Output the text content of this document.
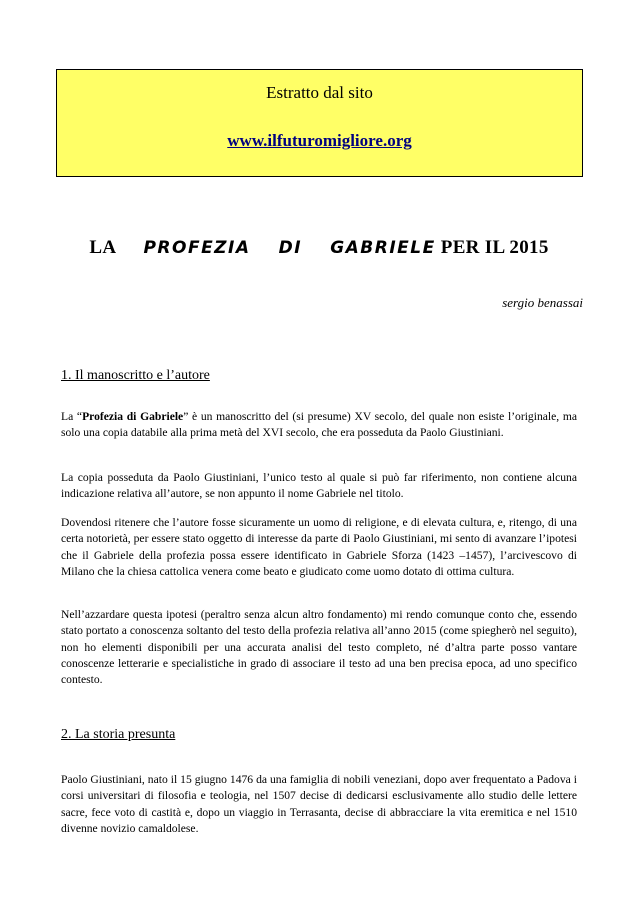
Estratto dal sito
www.ilfuturomigliore.org
LA PROFEZIA DI GABRIELE PER IL 2015
sergio benassai
1. Il manoscritto e l’autore
La “Profezia di Gabriele” è un manoscritto del (si presume) XV secolo, del quale non esiste l’originale, ma solo una copia databile alla prima metà del XVI secolo, che era posseduta da Paolo Giustiniani.
La copia posseduta da Paolo Giustiniani, l’unico testo al quale si può far riferimento, non contiene alcuna indicazione relativa all’autore, se non appunto il nome Gabriele nel titolo.
Dovendosi ritenere che l’autore fosse sicuramente un uomo di religione, e di elevata cultura, e, ritengo, di una certa notorietà, per essere stato oggetto di interesse da parte di Paolo Giustiniani, mi sento di avanzare l’ipotesi che il Gabriele della profezia possa essere identificato in Gabriele Sforza (1423 –1457), l’arcivescovo di Milano che la chiesa cattolica venera come beato e giudicato come uomo dotato di ottima cultura.
Nell’azzardare questa ipotesi (peraltro senza alcun altro fondamento) mi rendo comunque conto che, essendo stato portato a conoscenza soltanto del testo della profezia relativa all’anno 2015 (come spiegherò nel seguito), non ho elementi disponibili per una accurata analisi del testo completo, né d’altra parte posso vantare conoscenze letterarie e specialistiche in grado di associare il testo ad una ben precisa epoca, ad uno specifico contesto.
2. La storia presunta
Paolo Giustiniani, nato il 15 giugno 1476 da una famiglia di nobili veneziani, dopo aver frequentato a Padova i corsi universitari di filosofia e teologia, nel 1507 decise di dedicarsi esclusivamente allo studio delle lettere sacre, fece voto di castità e, dopo un viaggio in Terrasanta, decise di abbracciare la vita eremitica e nel 1510 divenne novizio camaldolese.
